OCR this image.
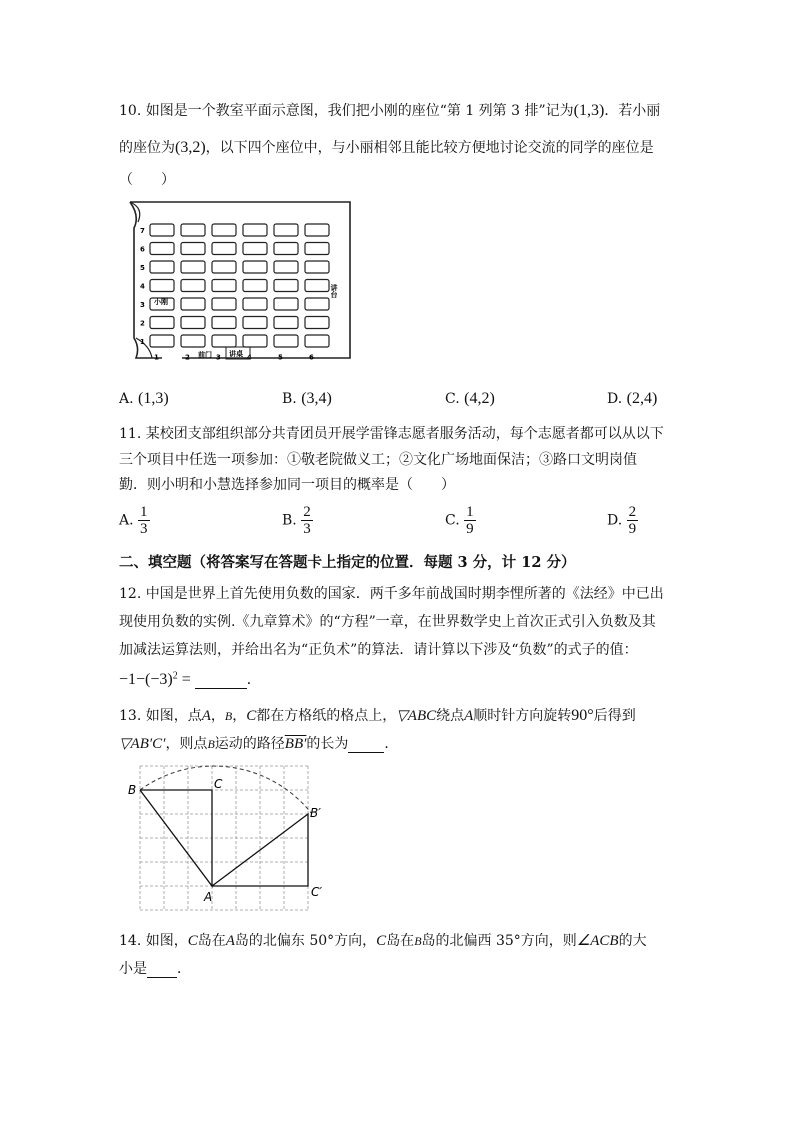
10. 如图是一个教室平面示意图，我们把小刚的座位“第 1 列第 3 排”记为(1,3)．若小丽
的座位为(3,2)，以下四个座位中，与小丽相邻且能比较方便地讨论交流的同学的座位是
（　　）
7
6
5
4
3
2
1
1	2	3	4	5	6
小刚
前门 讲桌
讲台
A. (1,3)	B. (3,4)	C. (4,2)	D. (2,4)
11. 某校团支部组织部分共青团员开展学雷锋志愿者服务活动，每个志愿者都可以从以下
三个项目中任选一项参加：①敬老院做义工；②文化广场地面保洁；③路口文明岗值
勤．则小明和小慧选择参加同一项目的概率是（　　）
A. $\frac{1}{3}$	B. $\frac{2}{3}$	C. $\frac{1}{9}$	D. $\frac{2}{9}$
二、填空题（将答案写在答题卡上指定的位置．每题 3 分，计 12 分）
12. 中国是世界上首先使用负数的国家．两千多年前战国时期李悝所著的《法经》中已出
现使用负数的实例.《九章算术》的“方程”一章，在世界数学史上首次正式引入负数及其
加减法运算法则，并给出名为“正负术”的算法．请计算以下涉及“负数”的式子的值：
$-1-(-3)^2$ =	．
13. 如图，点A，B，C都在方格纸的格点上，▽ABC绕点A顺时针方向旋转90°后得到
▽AB′C′，则点B运动的路径BB′的长为	．
B	C
B′
A	C′
14. 如图，C岛在A岛的北偏东 50°方向，C岛在B岛的北偏西 35°方向，则∠ACB的大
小是 ．
